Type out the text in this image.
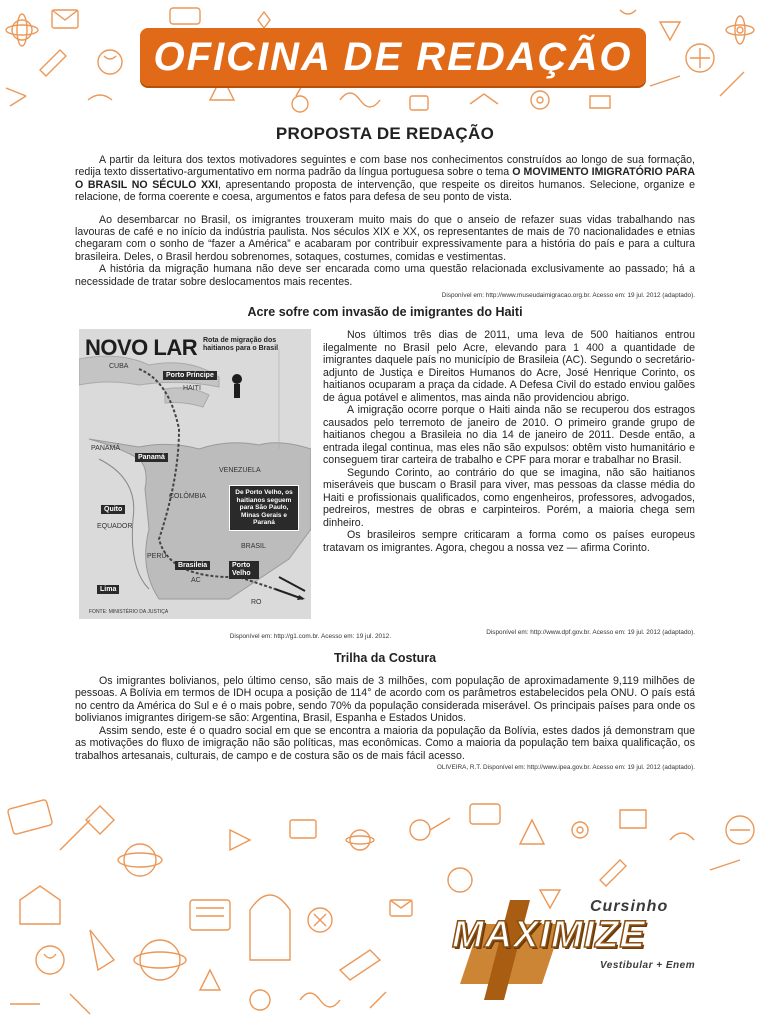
OFICINA DE REDAÇÃO
PROPOSTA DE REDAÇÃO

A partir da leitura dos textos motivadores seguintes e com base nos conhecimentos construídos ao longo de sua formação, redija texto dissertativo-argumentativo em norma padrão da língua portuguesa sobre o tema O MOVIMENTO IMIGRATÓRIO PARA O BRASIL NO SÉCULO XXI, apresentando proposta de intervenção, que respeite os direitos humanos. Selecione, organize e relacione, de forma coerente e coesa, argumentos e fatos para defesa de seu ponto de vista.

Ao desembarcar no Brasil, os imigrantes trouxeram muito mais do que o anseio de refazer suas vidas trabalhando nas lavouras de café e no início da indústria paulista. Nos séculos XIX e XX, os representantes de mais de 70 nacionalidades e etnias chegaram com o sonho de “fazer a América” e acabaram por contribuir expressivamente para a história do país e para a cultura brasileira. Deles, o Brasil herdou sobrenomes, sotaques, costumes, comidas e vestimentas.

A história da migração humana não deve ser encarada como uma questão relacionada exclusivamente ao passado; há a necessidade de tratar sobre deslocamentos mais recentes.

Disponível em: http://www.museudaimigracao.org.br. Acesso em: 19 jul. 2012 (adaptado).
Acre sofre com invasão de imigrantes do Haiti
NOVO LAR Rota de migração dos haitianos para o Brasil
CUBA
Porto Príncipe
HAITI
PANAMÁ
Panamá
VENEZUELA
COLÔMBIA
Quito
EQUADOR
PERU
BRASIL
Brasileia	Porto Velho
AC
Lima
RO
De Porto Velho, os haitianos seguem para São Paulo, Minas Gerais e Paraná
FONTE: MINISTÉRIO DA JUSTIÇA
Disponível em: http://g1.com.br. Acesso em: 19 jul. 2012.

Nos últimos três dias de 2011, uma leva de 500 haitianos entrou ilegalmente no Brasil pelo Acre, elevando para 1 400 a quantidade de imigrantes daquele país no município de Brasileia (AC). Segundo o secretário-adjunto de Justiça e Direitos Humanos do Acre, José Henrique Corinto, os haitianos ocuparam a praça da cidade. A Defesa Civil do estado enviou galões de água potável e alimentos, mas ainda não providenciou abrigo.

A imigração ocorre porque o Haiti ainda não se recuperou dos estragos causados pelo terremoto de janeiro de 2010. O primeiro grande grupo de haitianos chegou a Brasileia no dia 14 de janeiro de 2011. Desde então, a entrada ilegal continua, mas eles não são expulsos: obtêm visto humanitário e conseguem tirar carteira de trabalho e CPF para morar e trabalhar no Brasil.

Segundo Corinto, ao contrário do que se imagina, não são haitianos miseráveis que buscam o Brasil para viver, mas pessoas da classe média do Haiti e profissionais qualificados, como engenheiros, professores, advogados, pedreiros, mestres de obras e carpinteiros. Porém, a maioria chega sem dinheiro.

Os brasileiros sempre criticaram a forma como os países europeus tratavam os imigrantes. Agora, chegou a nossa vez — afirma Corinto.

Disponível em: http://www.dpf.gov.br. Acesso em: 19 jul. 2012 (adaptado).
Trilha da Costura

Os imigrantes bolivianos, pelo último censo, são mais de 3 milhões, com população de aproximadamente 9,119 milhões de pessoas. A Bolívia em termos de IDH ocupa a posição de 114° de acordo com os parâmetros estabelecidos pela ONU. O país está no centro da América do Sul e é o mais pobre, sendo 70% da população considerada miserável. Os principais países para onde os bolivianos imigrantes dirigem-se são: Argentina, Brasil, Espanha e Estados Unidos.

Assim sendo, este é o quadro social em que se encontra a maioria da população da Bolívia, estes dados já demonstram que as motivações do fluxo de imigração não são políticas, mas econômicas. Como a maioria da população tem baixa qualificação, os trabalhos artesanais, culturais, de campo e de costura são os de mais fácil acesso.

OLIVEIRA, R.T. Disponível em: http://www.ipea.gov.br. Acesso em: 19 jul. 2012 (adaptado).
Cursinho
MAXIMIZE
Vestibular + Enem
